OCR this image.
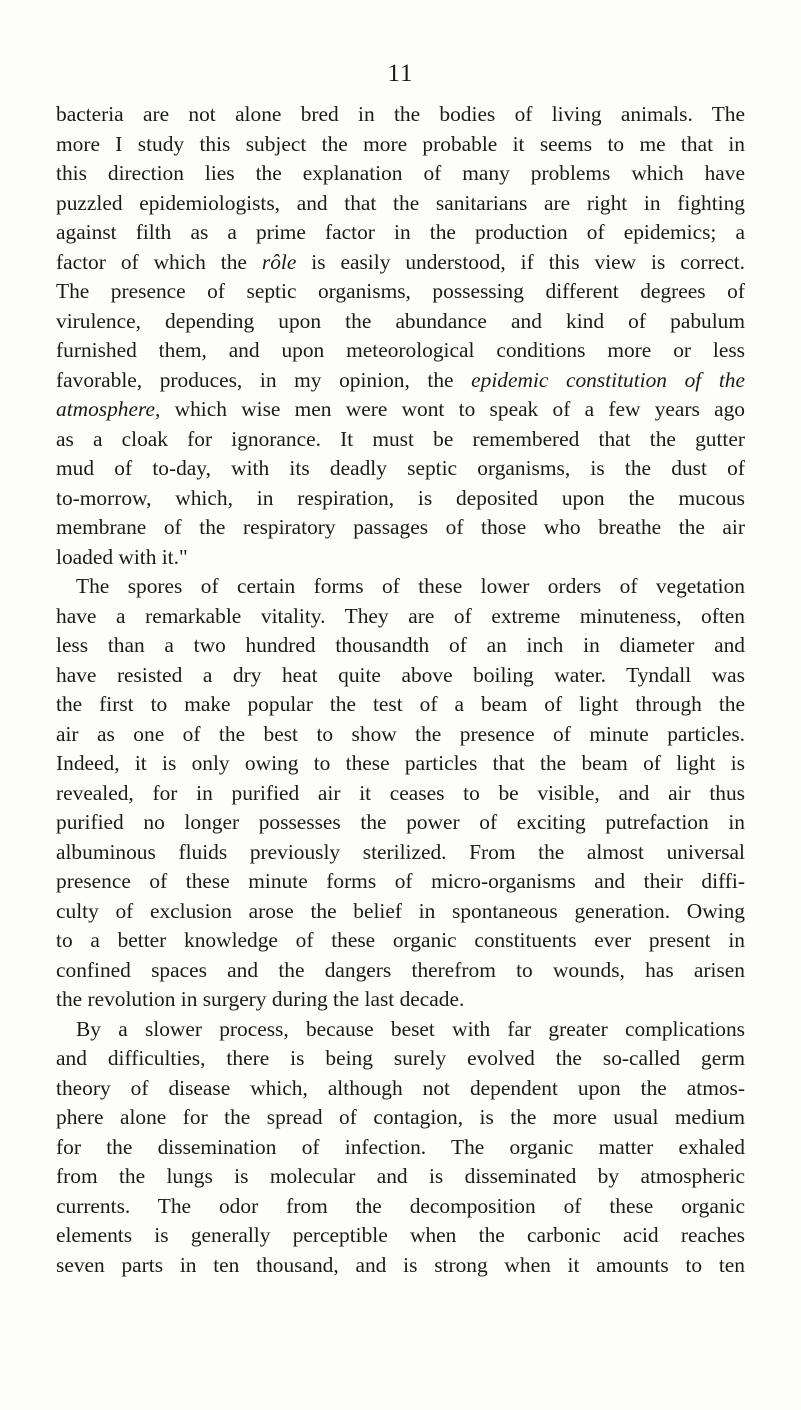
11
bacteria are not alone bred in the bodies of living animals. The
more I study this subject the more probable it seems to me that in
this direction lies the explanation of many problems which have
puzzled epidemiologists, and that the sanitarians are right in fighting
against filth as a prime factor in the production of epidemics; a
factor of which the rôle is easily understood, if this view is correct.
The presence of septic organisms, possessing different degrees of
virulence, depending upon the abundance and kind of pabulum
furnished them, and upon meteorological conditions more or less
favorable, produces, in my opinion, the epidemic constitution of the
atmosphere, which wise men were wont to speak of a few years ago
as a cloak for ignorance. It must be remembered that the gutter
mud of to-day, with its deadly septic organisms, is the dust of
to-morrow, which, in respiration, is deposited upon the mucous
membrane of the respiratory passages of those who breathe the air
loaded with it."
The spores of certain forms of these lower orders of vegetation
have a remarkable vitality. They are of extreme minuteness, often
less than a two hundred thousandth of an inch in diameter and
have resisted a dry heat quite above boiling water. Tyndall was
the first to make popular the test of a beam of light through the
air as one of the best to show the presence of minute particles.
Indeed, it is only owing to these particles that the beam of light is
revealed, for in purified air it ceases to be visible, and air thus
purified no longer possesses the power of exciting putrefaction in
albuminous fluids previously sterilized. From the almost universal
presence of these minute forms of micro-organisms and their diffi-
culty of exclusion arose the belief in spontaneous generation. Owing
to a better knowledge of these organic constituents ever present in
confined spaces and the dangers therefrom to wounds, has arisen
the revolution in surgery during the last decade.
By a slower process, because beset with far greater complications
and difficulties, there is being surely evolved the so-called germ
theory of disease which, although not dependent upon the atmos-
phere alone for the spread of contagion, is the more usual medium
for the dissemination of infection. The organic matter exhaled
from the lungs is molecular and is disseminated by atmospheric
currents. The odor from the decomposition of these organic
elements is generally perceptible when the carbonic acid reaches
seven parts in ten thousand, and is strong when it amounts to ten
